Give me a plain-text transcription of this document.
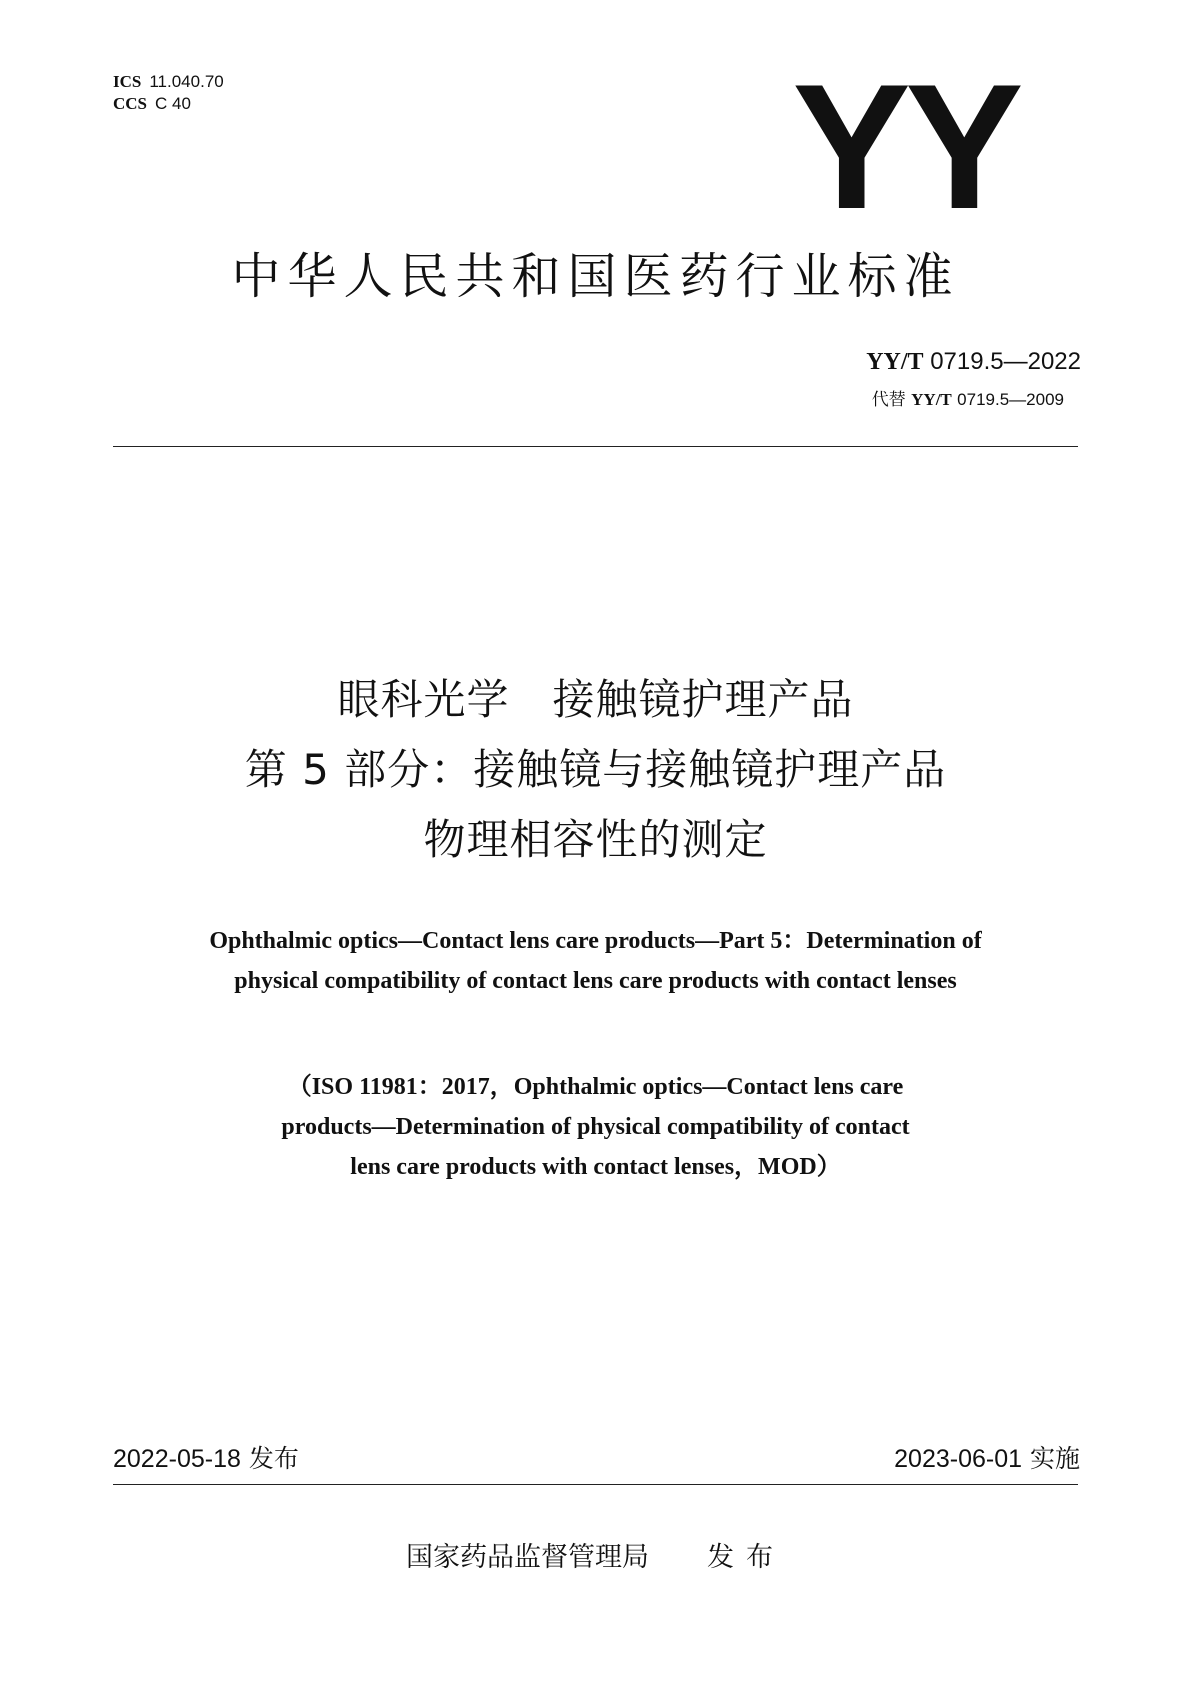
ICS 11.040.70
CCS C 40	YY
中华人民共和国医药行业标准
YY/T 0719.5—2022
代替 YY/T 0719.5—2009
眼科光学　接触镜护理产品
第 5 部分：接触镜与接触镜护理产品
物理相容性的测定
Ophthalmic optics—Contact lens care products—Part 5：Determination of
physical compatibility of contact lens care products with contact lenses
（ISO 11981：2017，Ophthalmic optics—Contact lens care
products—Determination of physical compatibility of contact
lens care products with contact lenses，MOD）
2022-05-18 发布	2023-06-01 实施
国家药品监督管理局 发布
